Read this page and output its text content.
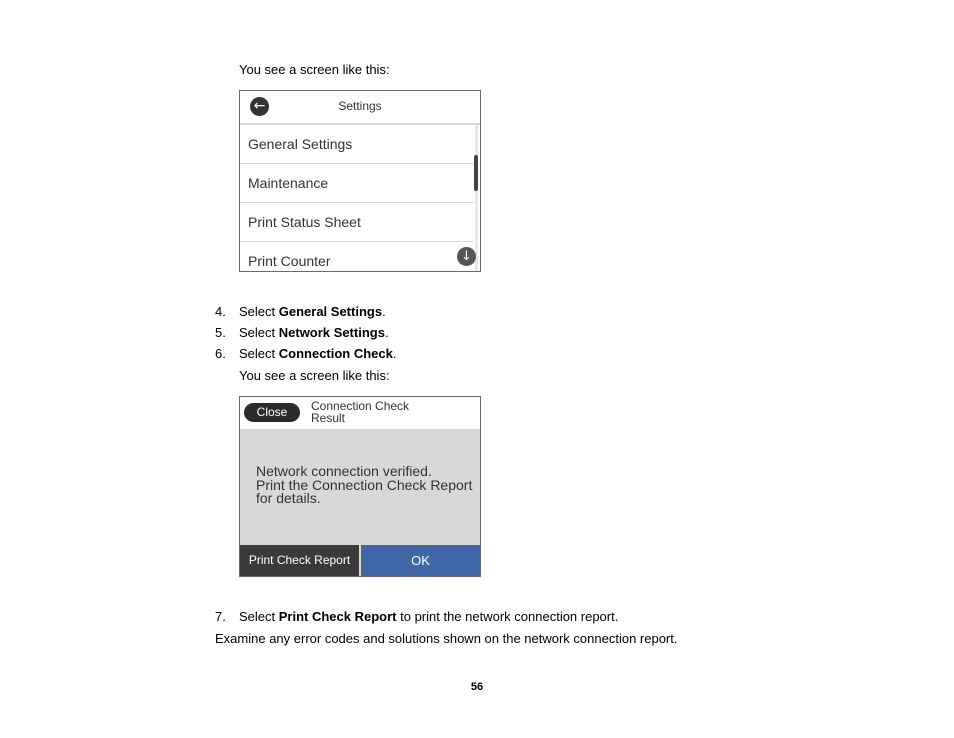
You see a screen like this:
←	Settings
General Settings
Maintenance
Print Status Sheet
Print Counter	↓
4. Select General Settings.
5. Select Network Settings.
6. Select Connection Check.
You see a screen like this:
Close	Connection Check
Result
Network connection verified.
Print the Connection Check Report
for details.
Print Check Report	OK
7. Select Print Check Report to print the network connection report.
Examine any error codes and solutions shown on the network connection report.
56
